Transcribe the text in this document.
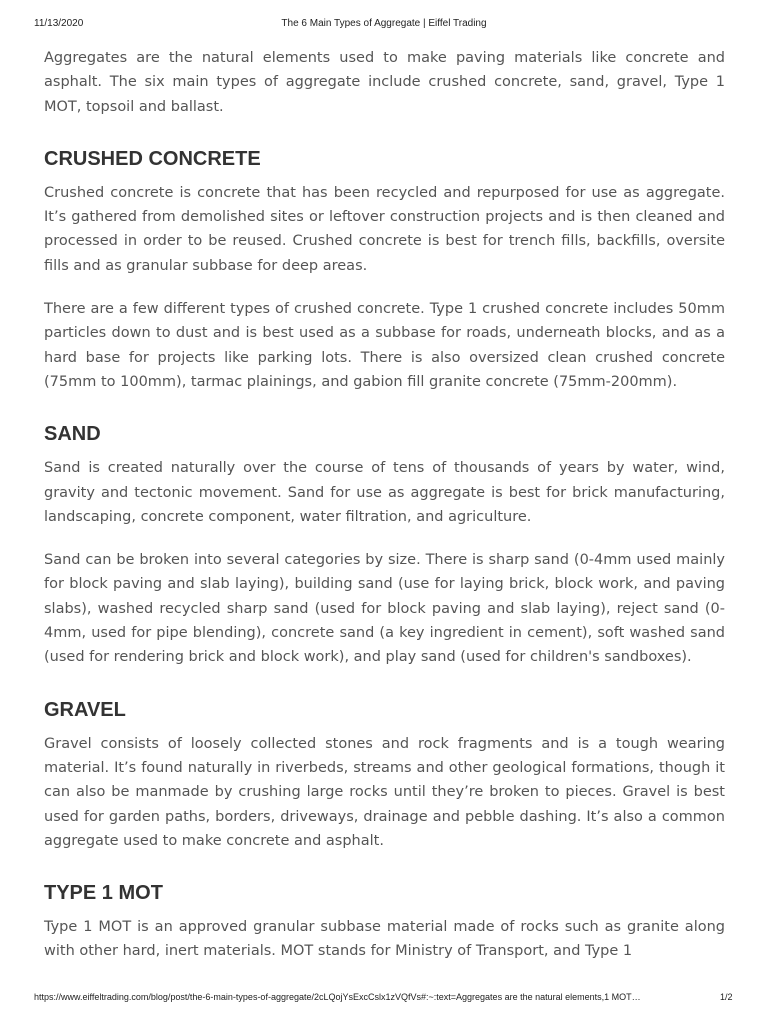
11/13/2020	The 6 Main Types of Aggregate | Eiffel Trading

Aggregates are the natural elements used to make paving materials like concrete and asphalt. The six main types of aggregate include crushed concrete, sand, gravel, Type 1 MOT, topsoil and ballast.

CRUSHED CONCRETE

Crushed concrete is concrete that has been recycled and repurposed for use as aggregate. It’s gathered from demolished sites or leftover construction projects and is then cleaned and processed in order to be reused. Crushed concrete is best for trench fills, backfills, oversite fills and as granular subbase for deep areas.

There are a few different types of crushed concrete. Type 1 crushed concrete includes 50mm particles down to dust and is best used as a subbase for roads, underneath blocks, and as a hard base for projects like parking lots. There is also oversized clean crushed concrete (75mm to 100mm), tarmac plainings, and gabion fill granite concrete (75mm-200mm).

SAND

Sand is created naturally over the course of tens of thousands of years by water, wind, gravity and tectonic movement. Sand for use as aggregate is best for brick manufacturing, landscaping, concrete component, water filtration, and agriculture.

Sand can be broken into several categories by size. There is sharp sand (0-4mm used mainly for block paving and slab laying), building sand (use for laying brick, block work, and paving slabs), washed recycled sharp sand (used for block paving and slab laying), reject sand (0-4mm, used for pipe blending), concrete sand (a key ingredient in cement), soft washed sand (used for rendering brick and block work), and play sand (used for children's sandboxes).

GRAVEL

Gravel consists of loosely collected stones and rock fragments and is a tough wearing material. It’s found naturally in riverbeds, streams and other geological formations, though it can also be manmade by crushing large rocks until they’re broken to pieces. Gravel is best used for garden paths, borders, driveways, drainage and pebble dashing. It’s also a common aggregate used to make concrete and asphalt.

TYPE 1 MOT

Type 1 MOT is an approved granular subbase material made of rocks such as granite along with other hard, inert materials. MOT stands for Ministry of Transport, and Type 1

https://www.eiffeltrading.com/blog/post/the-6-main-types-of-aggregate/2cLQojYsExcCslx1zVQfVs#:~:text=Aggregates are the natural elements,1 MOT…	1/2
